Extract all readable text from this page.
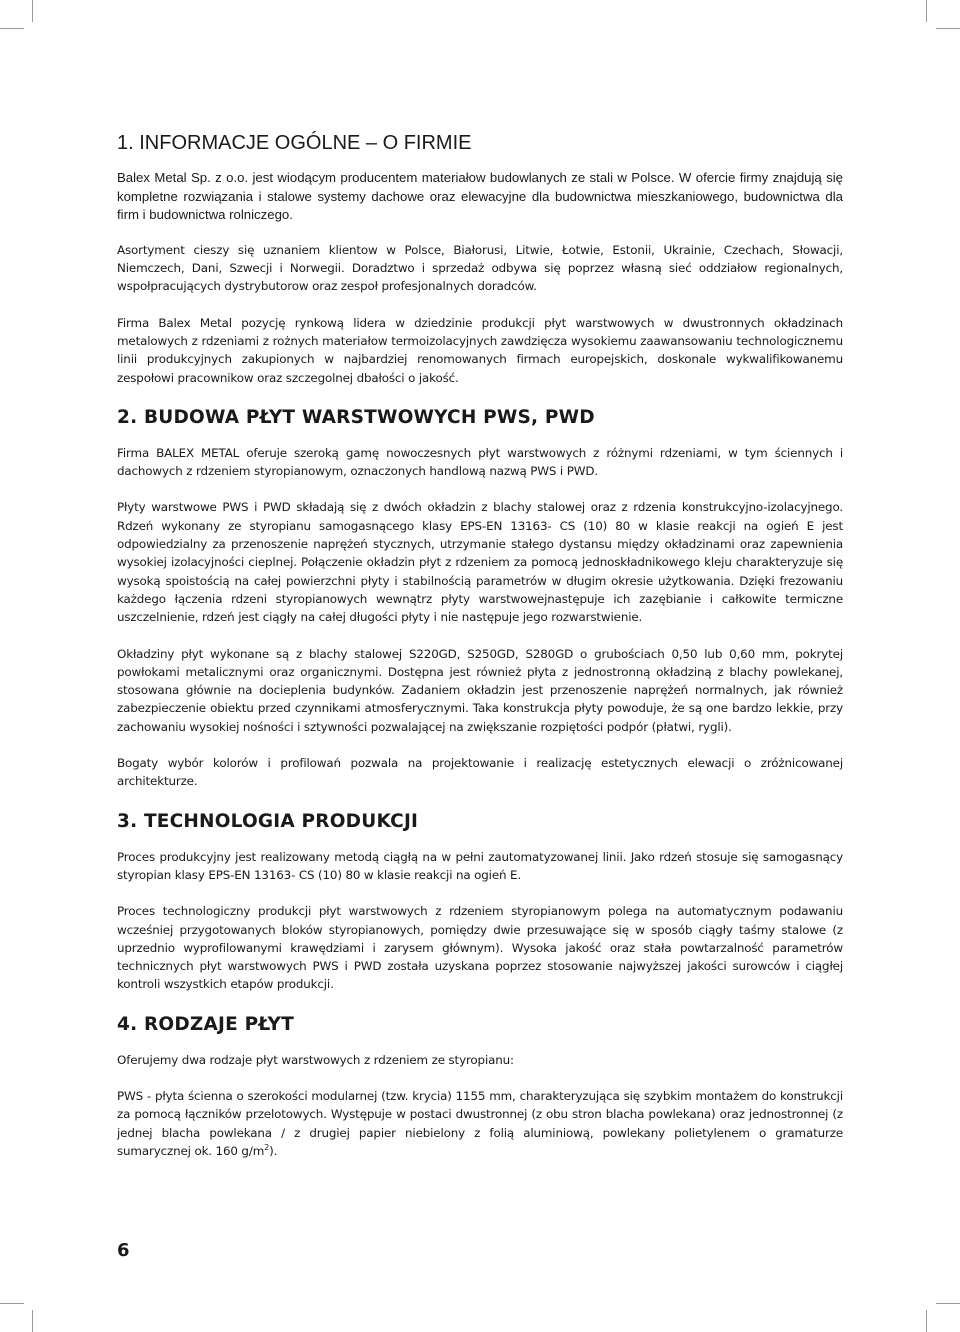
1. INFORMACJE OGÓLNE – O FIRMIE

Balex Metal Sp. z o.o. jest wiodącym producentem materiałow budowlanych ze stali w Polsce. W ofercie firmy znajdują się kompletne rozwiązania i stalowe systemy dachowe oraz elewacyjne dla budownictwa mieszkaniowego, budownictwa dla firm i budownictwa rolniczego.

Asortyment cieszy się uznaniem klientow w Polsce, Białorusi, Litwie, Łotwie, Estonii, Ukrainie, Czechach, Słowacji, Niemczech, Dani, Szwecji i Norwegii. Doradztwo i sprzedaż odbywa się poprzez własną sieć oddziałow regionalnych, wspołpracujących dystrybutorow oraz zespoł profesjonalnych doradców.

Firma Balex Metal pozycję rynkową lidera w dziedzinie produkcji płyt warstwowych w dwustronnych okładzinach metalowych z rdzeniami z rożnych materiałow termoizolacyjnych zawdzięcza wysokiemu zaawansowaniu technologicznemu linii produkcyjnych zakupionych w najbardziej renomowanych firmach europejskich, doskonale wykwalifikowanemu zespołowi pracownikow oraz szczegolnej dbałości o jakość.

2. BUDOWA PŁYT WARSTWOWYCH PWS, PWD

Firma BALEX METAL oferuje szeroką gamę nowoczesnych płyt warstwowych z różnymi rdzeniami, w tym ściennych i dachowych z rdzeniem styropianowym, oznaczonych handlową nazwą PWS i PWD.

Płyty warstwowe PWS i PWD składają się z dwóch okładzin z blachy stalowej oraz z rdzenia konstrukcyjno-izolacyjnego. Rdzeń wykonany ze styropianu samogasnącego klasy EPS-EN 13163- CS (10) 80 w klasie reakcji na ogień E jest odpowiedzialny za przenoszenie naprężeń stycznych, utrzymanie stałego dystansu między okładzinami oraz zapewnienia wysokiej izolacyjności cieplnej. Połączenie okładzin płyt z rdzeniem za pomocą jednoskładnikowego kleju charakteryzuje się wysoką spoistością na całej powierzchni płyty i stabilnością parametrów w długim okresie użytkowania. Dzięki frezowaniu każdego łączenia rdzeni styropianowych wewnątrz płyty warstwowejnastępuje ich zazębianie i całkowite termiczne uszczelnienie, rdzeń jest ciągły na całej długości płyty i nie następuje jego rozwarstwienie.

Okładziny płyt wykonane są z blachy stalowej S220GD, S250GD, S280GD o grubościach 0,50 lub 0,60 mm, pokrytej powłokami metalicznymi oraz organicznymi. Dostępna jest również płyta z jednostronną okładziną z blachy powlekanej, stosowana głównie na docieplenia budynków. Zadaniem okładzin jest przenoszenie naprężeń normalnych, jak również zabezpieczenie obiektu przed czynnikami atmosferycznymi. Taka konstrukcja płyty powoduje, że są one bardzo lekkie, przy zachowaniu wysokiej nośności i sztywności pozwalającej na zwiększanie rozpiętości podpór (płatwi, rygli).

Bogaty wybór kolorów i profilowań pozwala na projektowanie i realizację estetycznych elewacji o zróżnicowanej architekturze.

3. TECHNOLOGIA PRODUKCJI

Proces produkcyjny jest realizowany metodą ciągłą na w pełni zautomatyzowanej linii. Jako rdzeń stosuje się samogasnący styropian klasy EPS-EN 13163- CS (10) 80 w klasie reakcji na ogień E.

Proces technologiczny produkcji płyt warstwowych z rdzeniem styropianowym polega na automatycznym podawaniu wcześniej przygotowanych bloków styropianowych, pomiędzy dwie przesuwające się w sposób ciągły taśmy stalowe (z uprzednio wyprofilowanymi krawędziami i zarysem głównym). Wysoka jakość oraz stała powtarzalność parametrów technicznych płyt warstwowych PWS i PWD została uzyskana poprzez stosowanie najwyższej jakości surowców i ciągłej kontroli wszystkich etapów produkcji.

4. RODZAJE PŁYT

Oferujemy dwa rodzaje płyt warstwowych z rdzeniem ze styropianu:

PWS - płyta ścienna o szerokości modularnej (tzw. krycia) 1155 mm, charakteryzująca się szybkim montażem do konstrukcji za pomocą łączników przelotowych. Występuje w postaci dwustronnej (z obu stron blacha powlekana) oraz jednostronnej (z jednej blacha powlekana / z drugiej papier niebielony z folią aluminiową, powlekany polietylenem o gramaturze sumarycznej ok. 160 $g/m^2$).

6
